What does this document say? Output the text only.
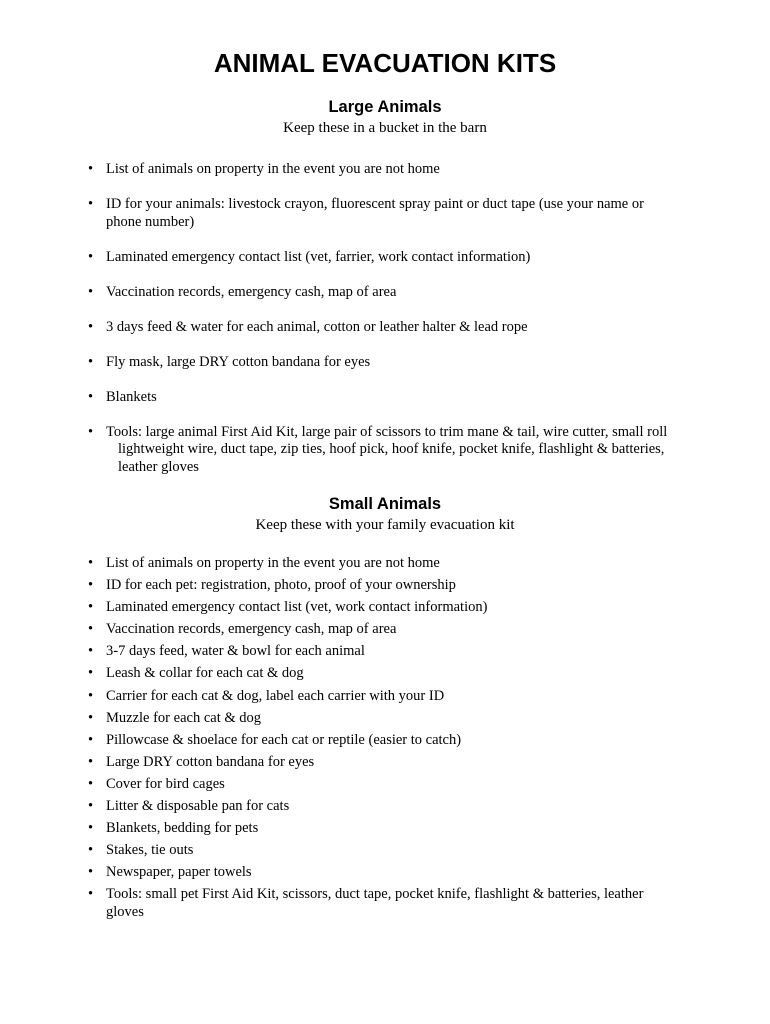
ANIMAL EVACUATION KITS
Large Animals

Keep these in a bucket in the barn

• List of animals on property in the event you are not home
• ID for your animals: livestock crayon, fluorescent spray paint or duct tape (use your name or phone number)
• Laminated emergency contact list (vet, farrier, work contact information)
• Vaccination records, emergency cash, map of area
• 3 days feed & water for each animal, cotton or leather halter & lead rope
• Fly mask, large DRY cotton bandana for eyes
• Blankets
• Tools: large animal First Aid Kit, large pair of scissors to trim mane & tail, wire cutter, small roll lightweight wire, duct tape, zip ties, hoof pick, hoof knife, pocket knife, flashlight & batteries, leather gloves
Small Animals

Keep these with your family evacuation kit

• List of animals on property in the event you are not home
• ID for each pet: registration, photo, proof of your ownership
• Laminated emergency contact list (vet, work contact information)
• Vaccination records, emergency cash, map of area
• 3-7 days feed, water & bowl for each animal
• Leash & collar for each cat & dog
• Carrier for each cat & dog, label each carrier with your ID
• Muzzle for each cat & dog
• Pillowcase & shoelace for each cat or reptile (easier to catch)
• Large DRY cotton bandana for eyes
• Cover for bird cages
• Litter & disposable pan for cats
• Blankets, bedding for pets
• Stakes, tie outs
• Newspaper, paper towels
• Tools: small pet First Aid Kit, scissors, duct tape, pocket knife, flashlight & batteries, leather gloves
